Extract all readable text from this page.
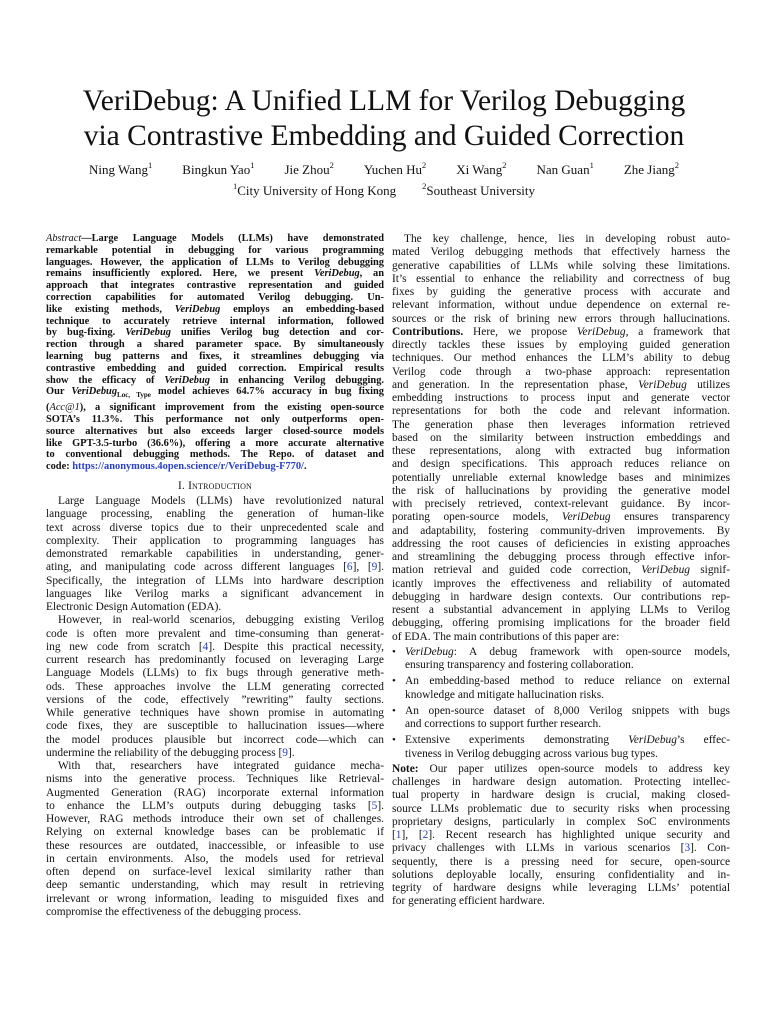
VeriDebug: A Unified LLM for Verilog Debugging
via Contrastive Embedding and Guided Correction
Ning Wang$^1$ Bingkun Yao$^1$ Jie Zhou$^2$ Yuchen Hu$^2$ Xi Wang$^2$ Nan Guan$^1$ Zhe Jiang$^2$
$^1$City University of Hong Kong	$^2$Southeast University
Abstract—Large Language Models (LLMs) have demonstrated
remarkable potential in debugging for various programming
languages. However, the application of LLMs to Verilog debugging
remains insufficiently explored. Here, we present VeriDebug, an
approach that integrates contrastive representation and guided
correction capabilities for automated Verilog debugging. Un-
like existing methods, VeriDebug employs an embedding-based
technique to accurately retrieve internal information, followed
by bug-fixing. VeriDebug unifies Verilog bug detection and cor-
rection through a shared parameter space. By simultaneously
learning bug patterns and fixes, it streamlines debugging via
contrastive embedding and guided correction. Empirical results
show the efficacy of VeriDebug in enhancing Verilog debugging.
Our VeriDebug$_{Loc, Type}$ model achieves 64.7% accuracy in bug fixing
(Acc@1), a significant improvement from the existing open-source
SOTA’s 11.3%. This performance not only outperforms open-
source alternatives but also exceeds larger closed-source models
like GPT-3.5-turbo (36.6%), offering a more accurate alternative
to conventional debugging methods. The Repo. of dataset and
code: https://anonymous.4open.science/r/VeriDebug-F770/.
I. Introduction
Large Language Models (LLMs) have revolutionized natural
language processing, enabling the generation of human-like
text across diverse topics due to their unprecedented scale and
complexity. Their application to programming languages has
demonstrated remarkable capabilities in understanding, gener-
ating, and manipulating code across different languages [6], [9].
Specifically, the integration of LLMs into hardware description
languages like Verilog marks a significant advancement in
Electronic Design Automation (EDA).
However, in real-world scenarios, debugging existing Verilog
code is often more prevalent and time-consuming than generat-
ing new code from scratch [4]. Despite this practical necessity,
current research has predominantly focused on leveraging Large
Language Models (LLMs) to fix bugs through generative meth-
ods. These approaches involve the LLM generating corrected
versions of the code, effectively ”rewriting” faulty sections.
While generative techniques have shown promise in automating
code fixes, they are susceptible to hallucination issues—where
the model produces plausible but incorrect code—which can
undermine the reliability of the debugging process [9].
With that, researchers have integrated guidance mecha-
nisms into the generative process. Techniques like Retrieval-
Augmented Generation (RAG) incorporate external information
to enhance the LLM’s outputs during debugging tasks [5].
However, RAG methods introduce their own set of challenges.
Relying on external knowledge bases can be problematic if
these resources are outdated, inaccessible, or infeasible to use
in certain environments. Also, the models used for retrieval
often depend on surface-level lexical similarity rather than
deep semantic understanding, which may result in retrieving
irrelevant or wrong information, leading to misguided fixes and
compromise the effectiveness of the debugging process.
The key challenge, hence, lies in developing robust auto-
mated Verilog debugging methods that effectively harness the
generative capabilities of LLMs while solving these limitations.
It’s essential to enhance the reliability and correctness of bug
fixes by guiding the generative process with accurate and
relevant information, without undue dependence on external re-
sources or the risk of brining new errors through hallucinations.
Contributions. Here, we propose VeriDebug, a framework that
directly tackles these issues by employing guided generation
techniques. Our method enhances the LLM’s ability to debug
Verilog code through a two-phase approach: representation
and generation. In the representation phase, VeriDebug utilizes
embedding instructions to process input and generate vector
representations for both the code and relevant information.
The generation phase then leverages information retrieved
based on the similarity between instruction embeddings and
these representations, along with extracted bug information
and design specifications. This approach reduces reliance on
potentially unreliable external knowledge bases and minimizes
the risk of hallucinations by providing the generative model
with precisely retrieved, context-relevant guidance. By incor-
porating open-source models, VeriDebug ensures transparency
and adaptability, fostering community-driven improvements. By
addressing the root causes of deficiencies in existing approaches
and streamlining the debugging process through effective infor-
mation retrieval and guided code correction, VeriDebug signif-
icantly improves the effectiveness and reliability of automated
debugging in hardware design contexts. Our contributions rep-
resent a substantial advancement in applying LLMs to Verilog
debugging, offering promising implications for the broader field
of EDA. The main contributions of this paper are:
• VeriDebug: A debug framework with open-source models,
ensuring transparency and fostering collaboration.
• An embedding-based method to reduce reliance on external
knowledge and mitigate hallucination risks.
• An open-source dataset of 8,000 Verilog snippets with bugs
and corrections to support further research.
• Extensive experiments demonstrating VeriDebug’s effec-
tiveness in Verilog debugging across various bug types.
Note: Our paper utilizes open-source models to address key
challenges in hardware design automation. Protecting intellec-
tual property in hardware design is crucial, making closed-
source LLMs problematic due to security risks when processing
proprietary designs, particularly in complex SoC environments
[1], [2]. Recent research has highlighted unique security and
privacy challenges with LLMs in various scenarios [3]. Con-
sequently, there is a pressing need for secure, open-source
solutions deployable locally, ensuring confidentiality and in-
tegrity of hardware designs while leveraging LLMs’ potential
for generating efficient hardware.
